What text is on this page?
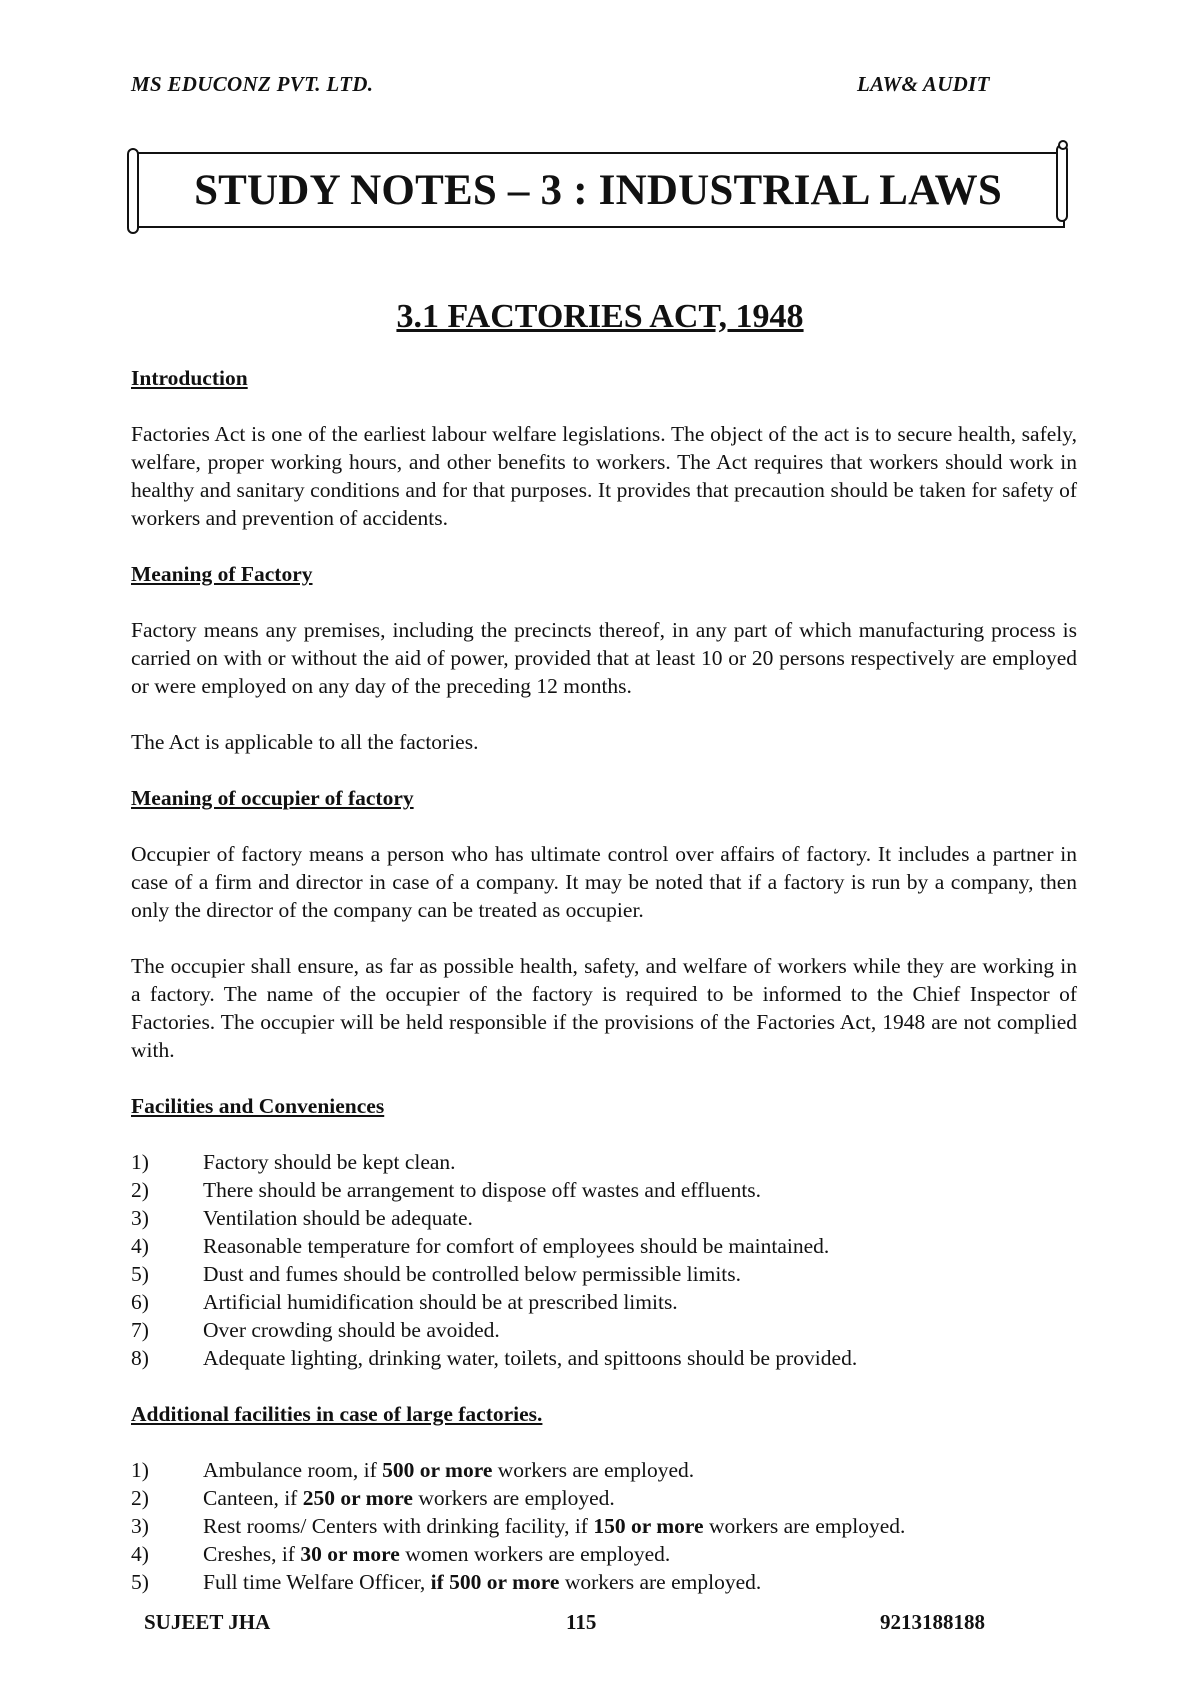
MS EDUCONZ PVT. LTD.	LAW& AUDIT
STUDY NOTES – 3 : INDUSTRIAL LAWS
3.1 FACTORIES ACT, 1948

Introduction

Factories Act is one of the earliest labour welfare legislations. The object of the act is to secure health, safely, welfare, proper working hours, and other benefits to workers. The Act requires that workers should work in healthy and sanitary conditions and for that purposes. It provides that precaution should be taken for safety of workers and prevention of accidents.

Meaning of Factory

Factory means any premises, including the precincts thereof, in any part of which manufacturing process is carried on with or without the aid of power, provided that at least 10 or 20 persons respectively are employed or were employed on any day of the preceding 12 months.

The Act is applicable to all the factories.

Meaning of occupier of factory

Occupier of factory means a person who has ultimate control over affairs of factory. It includes a partner in case of a firm and director in case of a company. It may be noted that if a factory is run by a company, then only the director of the company can be treated as occupier.

The occupier shall ensure, as far as possible health, safety, and welfare of workers while they are working in a factory. The name of the occupier of the factory is required to be informed to the Chief Inspector of Factories. The occupier will be held responsible if the provisions of the Factories Act, 1948 are not complied with.

Facilities and Conveniences

1)	Factory should be kept clean.
2)	There should be arrangement to dispose off wastes and effluents.
3)	Ventilation should be adequate.
4)	Reasonable temperature for comfort of employees should be maintained.
5)	Dust and fumes should be controlled below permissible limits.
6)	Artificial humidification should be at prescribed limits.
7)	Over crowding should be avoided.
8)	Adequate lighting, drinking water, toilets, and spittoons should be provided.

Additional facilities in case of large factories.

1)	Ambulance room, if 500 or more workers are employed.
2)	Canteen, if 250 or more workers are employed.
3)	Rest rooms/ Centers with drinking facility, if 150 or more workers are employed.
4)	Creshes, if 30 or more women workers are employed.
5)	Full time Welfare Officer, if 500 or more workers are employed.
SUJEET JHA	115	9213188188
